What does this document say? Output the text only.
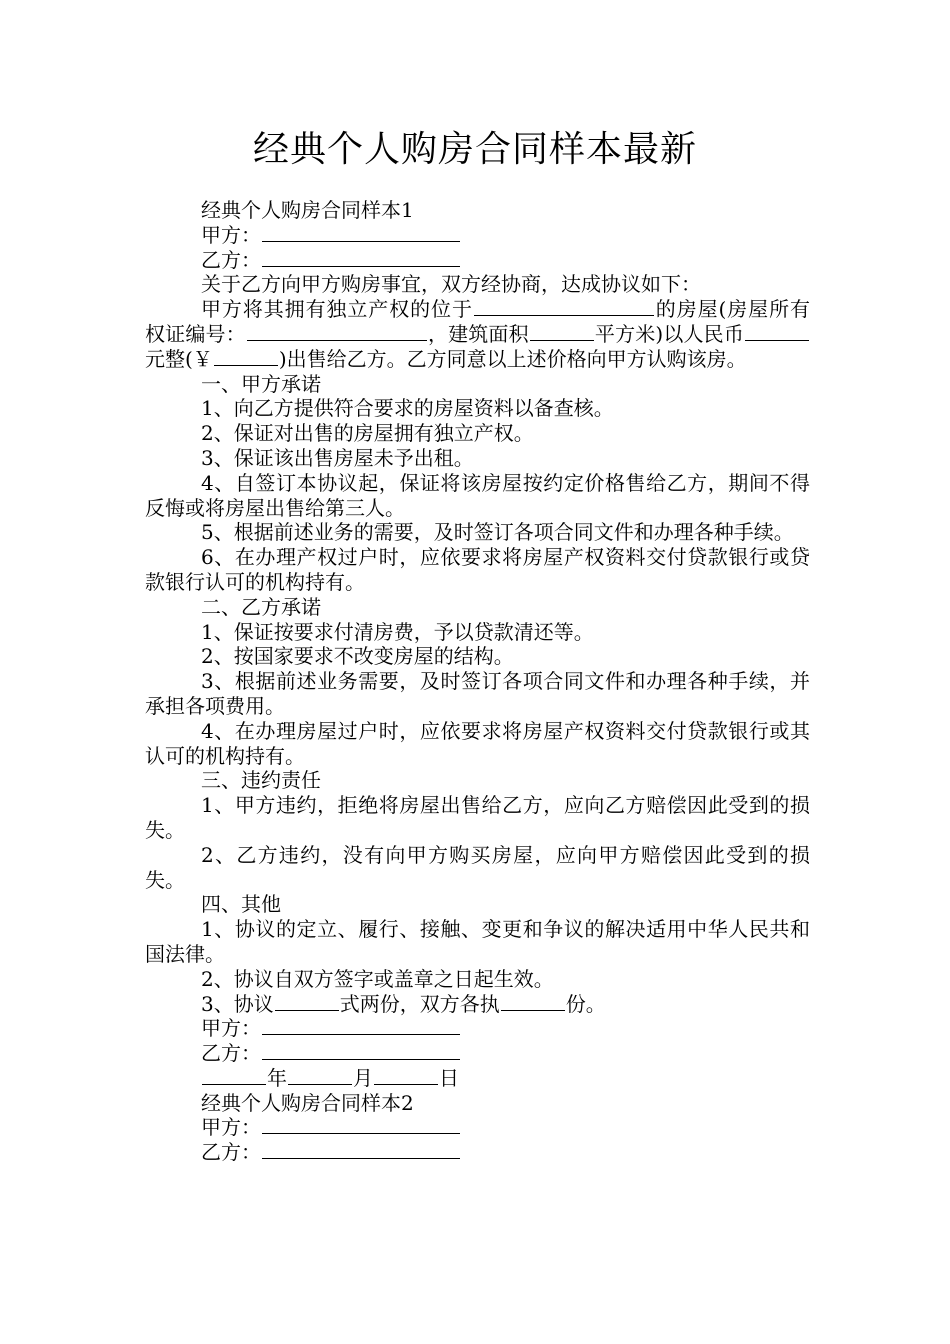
经典个人购房合同样本最新

经典个人购房合同样本1

甲方：

乙方：

关于乙方向甲方购房事宜，双方经协商，达成协议如下：

甲方将其拥有独立产权的位于	的房屋(房屋所有权证编号：	，建筑面积	平方米)以人民币元整(￥	)出售给乙方。乙方同意以上述价格向甲方认购该房。

一、甲方承诺

1、向乙方提供符合要求的房屋资料以备查核。

2、保证对出售的房屋拥有独立产权。

3、保证该出售房屋未予出租。

4、自签订本协议起，保证将该房屋按约定价格售给乙方，期间不得反悔或将房屋出售给第三人。

5、根据前述业务的需要，及时签订各项合同文件和办理各种手续。

6、在办理产权过户时，应依要求将房屋产权资料交付贷款银行或贷款银行认可的机构持有。

二、乙方承诺

1、保证按要求付清房费，予以贷款清还等。

2、按国家要求不改变房屋的结构。

3、根据前述业务需要，及时签订各项合同文件和办理各种手续，并承担各项费用。

4、在办理房屋过户时，应依要求将房屋产权资料交付贷款银行或其认可的机构持有。

三、违约责任

1、甲方违约，拒绝将房屋出售给乙方，应向乙方赔偿因此受到的损失。

2、乙方违约，没有向甲方购买房屋，应向甲方赔偿因此受到的损失。

四、其他

1、协议的定立、履行、接触、变更和争议的解决适用中华人民共和国法律。

2、协议自双方签字或盖章之日起生效。

3、协议	式两份，双方各执	份。

甲方：

乙方：

年	月	日

经典个人购房合同样本2

甲方：

乙方：
